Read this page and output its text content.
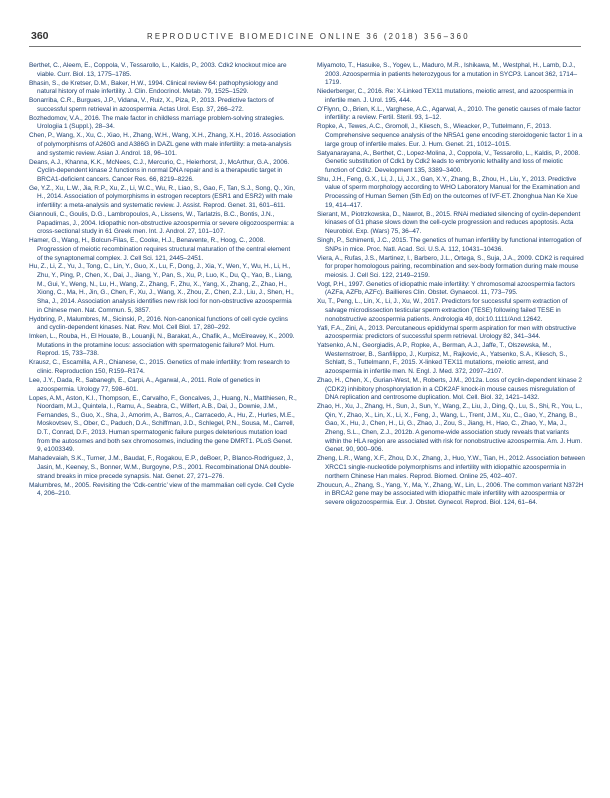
360	REPRODUCTIVE BIOMEDICINE ONLINE 36 (2018) 356–360

Berthet, C., Aleem, E., Coppola, V., Tessarollo, L., Kaldis, P., 2003. Cdk2 knockout mice are viable. Curr. Biol. 13, 1775–1785.

Bhasin, S., de Kretser, D.M., Baker, H.W., 1994. Clinical review 64: pathophysiology and natural history of male infertility. J. Clin. Endocrinol. Metab. 79, 1525–1529.

Bonarriba, C.R., Burgues, J.P., Vidana, V., Ruiz, X., Piza, P., 2013. Predictive factors of successful sperm retrieval in azoospermia. Actas Urol. Esp. 37, 266–272.

Bozhedomov, V.A., 2016. The male factor in childless marriage problem-solving strategies. Urologiia 1 (Suppl.), 28–34.

Chen, P., Wang, X., Xu, C., Xiao, H., Zhang, W.H., Wang, X.H., Zhang, X.H., 2016. Association of polymorphisms of A260G and A386G in DAZL gene with male infertility: a meta-analysis and systemic review. Asian J. Androl. 18, 96–101.

Deans, A.J., Khanna, K.K., McNees, C.J., Mercurio, C., Heierhorst, J., McArthur, G.A., 2006. Cyclin-dependent kinase 2 functions in normal DNA repair and is a therapeutic target in BRCA1-deficient cancers. Cancer Res. 66, 8219–8226.

Ge, Y.Z., Xu, L.W., Jia, R.P., Xu, Z., Li, W.C., Wu, R., Liao, S., Gao, F., Tan, S.J., Song, Q., Xin, H., 2014. Association of polymorphisms in estrogen receptors (ESR1 and ESR2) with male infertility: a meta-analysis and systematic review. J. Assist. Reprod. Genet. 31, 601–611.

Giannouli, C., Goulis, D.G., Lambropoulos, A., Lissens, W., Tarlatzis, B.C., Bontis, J.N., Papadimas, J., 2004. Idiopathic non-obstructive azoospermia or severe oligozoospermia: a cross-sectional study in 61 Greek men. Int. J. Androl. 27, 101–107.

Hamer, G., Wang, H., Bolcun-Filas, E., Cooke, H.J., Benavente, R., Hoog, C., 2008. Progression of meiotic recombination requires structural maturation of the central element of the synaptonemal complex. J. Cell Sci. 121, 2445–2451.

Hu, Z., Li, Z., Yu, J., Tong, C., Lin, Y., Guo, X., Lu, F., Dong, J., Xia, Y., Wen, Y., Wu, H., Li, H., Zhu, Y., Ping, P., Chen, X., Dai, J., Jiang, Y., Pan, S., Xu, P., Luo, K., Du, Q., Yao, B., Liang, M., Gui, Y., Weng, N., Lu, H., Wang, Z., Zhang, F., Zhu, X., Yang, X., Zhang, Z., Zhao, H., Xiong, C., Ma, H., Jin, G., Chen, F., Xu, J., Wang, X., Zhou, Z., Chen, Z.J., Liu, J., Shen, H., Sha, J., 2014. Association analysis identifies new risk loci for non-obstructive azoospermia in Chinese men. Nat. Commun. 5, 3857.

Hydbring, P., Malumbres, M., Sicinski, P., 2016. Non-canonical functions of cell cycle cyclins and cyclin-dependent kinases. Nat. Rev. Mol. Cell Biol. 17, 280–292.

Imken, L., Rouba, H., El Houate, B., Louanjli, N., Barakat, A., Chafik, A., McElreavey, K., 2009. Mutations in the protamine locus: association with spermatogenic failure? Mol. Hum. Reprod. 15, 733–738.

Krausz, C., Escamilla, A.R., Chianese, C., 2015. Genetics of male infertility: from research to clinic. Reproduction 150, R159–R174.

Lee, J.Y., Dada, R., Sabanegh, E., Carpi, A., Agarwal, A., 2011. Role of genetics in azoospermia. Urology 77, 598–601.

Lopes, A.M., Aston, K.I., Thompson, E., Carvalho, F., Goncalves, J., Huang, N., Matthiesen, R., Noordam, M.J., Quintela, I., Ramu, A., Seabra, C., Wilfert, A.B., Dai, J., Downie, J.M., Fernandes, S., Guo, X., Sha, J., Amorim, A., Barros, A., Carracedo, A., Hu, Z., Hurles, M.E., Moskovtsev, S., Ober, C., Paduch, D.A., Schiffman, J.D., Schlegel, P.N., Sousa, M., Carrell, D.T., Conrad, D.F., 2013. Human spermatogenic failure purges deleterious mutation load from the autosomes and both sex chromosomes, including the gene DMRT1. PLoS Genet. 9, e1003349.

Mahadevaiah, S.K., Turner, J.M., Baudat, F., Rogakou, E.P., deBoer, P., Blanco-Rodriguez, J., Jasin, M., Keeney, S., Bonner, W.M., Burgoyne, P.S., 2001. Recombinational DNA double-strand breaks in mice precede synapsis. Nat. Genet. 27, 271–276.

Malumbres, M., 2005. Revisiting the ‘Cdk-centric’ view of the mammalian cell cycle. Cell Cycle 4, 206–210.

Miyamoto, T., Hasuike, S., Yogev, L., Maduro, M.R., Ishikawa, M., Westphal, H., Lamb, D.J., 2003. Azoospermia in patients heterozygous for a mutation in SYCP3. Lancet 362, 1714–1719.

Niederberger, C., 2016. Re: X-Linked TEX11 mutations, meiotic arrest, and azoospermia in infertile men. J. Urol. 195, 444.

O’Flynn, O., Brien, K.L., Varghese, A.C., Agarwal, A., 2010. The genetic causes of male factor infertility: a review. Fertil. Steril. 93, 1–12.

Ropke, A., Tewes, A.C., Gromoll, J., Kliesch, S., Wieacker, P., Tuttelmann, F., 2013. Comprehensive sequence analysis of the NR5A1 gene encoding steroidogenic factor 1 in a large group of infertile males. Eur. J. Hum. Genet. 21, 1012–1015.

Satyanarayana, A., Berthet, C., Lopez-Molina, J., Coppola, V., Tessarollo, L., Kaldis, P., 2008. Genetic substitution of Cdk1 by Cdk2 leads to embryonic lethality and loss of meiotic function of Cdk2. Development 135, 3389–3400.

Shu, J.H., Feng, G.X., Li, J., Li, J.X., Gan, X.Y., Zhang, B., Zhou, H., Liu, Y., 2013. Predictive value of sperm morphology according to WHO Laboratory Manual for the Examination and Processing of Human Semen (5th Ed) on the outcomes of IVF-ET. Zhonghua Nan Ke Xue 19, 414–417.

Sierant, M., Piotrzkowska, D., Nawrot, B., 2015. RNAi mediated silencing of cyclin-dependent kinases of G1 phase slows down the cell-cycle progression and reduces apoptosis. Acta Neurobiol. Exp. (Wars) 75, 36–47.

Singh, P., Schimenti, J.C., 2015. The genetics of human infertility by functional interrogation of SNPs in mice. Proc. Natl. Acad. Sci. U.S.A. 112, 10431–10436.

Viera, A., Rufas, J.S., Martinez, I., Barbero, J.L., Ortega, S., Suja, J.A., 2009. CDK2 is required for proper homologous pairing, recombination and sex-body formation during male mouse meiosis. J. Cell Sci. 122, 2149–2159.

Vogt, P.H., 1997. Genetics of idiopathic male infertility: Y chromosomal azoospermia factors (AZFa, AZFb, AZFc). Baillieres Clin. Obstet. Gynaecol. 11, 773–795.

Xu, T., Peng, L., Lin, X., Li, J., Xu, W., 2017. Predictors for successful sperm extraction of salvage microdissection testicular sperm extraction (TESE) following failed TESE in nonobstructive azoospermia patients. Andrologia 49, doi:10.1111/And.12642.

Yafi, F.A., Zini, A., 2013. Percutaneous epididymal sperm aspiration for men with obstructive azoospermia: predictors of successful sperm retrieval. Urology 82, 341–344.

Yatsenko, A.N., Georgiadis, A.P., Ropke, A., Berman, A.J., Jaffe, T., Olszewska, M., Westernstroer, B., Sanfilippo, J., Kurpisz, M., Rajkovic, A., Yatsenko, S.A., Kliesch, S., Schlatt, S., Tuttelmann, F., 2015. X-linked TEX11 mutations, meiotic arrest, and azoospermia in infertile men. N. Engl. J. Med. 372, 2097–2107.

Zhao, H., Chen, X., Gurian-West, M., Roberts, J.M., 2012a. Loss of cyclin-dependent kinase 2 (CDK2) inhibitory phosphorylation in a CDK2AF knock-in mouse causes misregulation of DNA replication and centrosome duplication. Mol. Cell. Biol. 32, 1421–1432.

Zhao, H., Xu, J., Zhang, H., Sun, J., Sun, Y., Wang, Z., Liu, J., Ding, Q., Lu, S., Shi, R., You, L., Qin, Y., Zhao, X., Lin, X., Li, X., Feng, J., Wang, L., Trent, J.M., Xu, C., Gao, Y., Zhang, B., Gao, X., Hu, J., Chen, H., Li, G., Zhao, J., Zou, S., Jiang, H., Hao, C., Zhao, Y., Ma, J., Zheng, S.L., Chen, Z.J., 2012b. A genome-wide association study reveals that variants within the HLA region are associated with risk for nonobstructive azoospermia. Am. J. Hum. Genet. 90, 900–906.

Zheng, L.R., Wang, X.F., Zhou, D.X., Zhang, J., Huo, Y.W., Tian, H., 2012. Association between XRCC1 single-nucleotide polymorphisms and infertility with idiopathic azoospermia in northern Chinese Han males. Reprod. Biomed. Online 25, 402–407.

Zhoucun, A., Zhang, S., Yang, Y., Ma, Y., Zhang, W., Lin, L., 2006. The common variant N372H in BRCA2 gene may be associated with idiopathic male infertility with azoospermia or severe oligozoospermia. Eur. J. Obstet. Gynecol. Reprod. Biol. 124, 61–64.
